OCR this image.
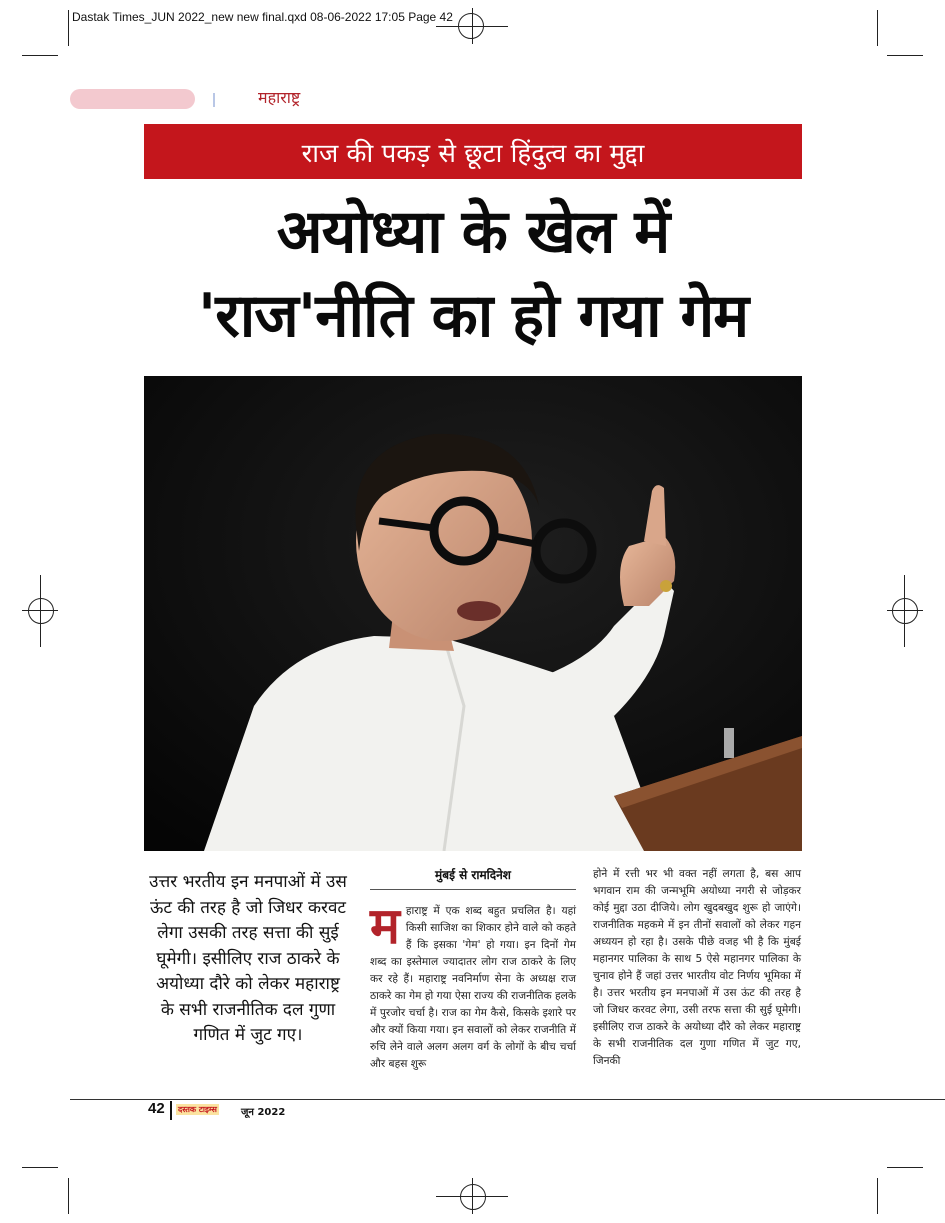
Dastak Times_JUN 2022_new new final.qxd 08-06-2022 17:05 Page 42
महाराष्ट्र
राज की पकड़ से छूटा हिंदुत्व का मुद्दा
अयोध्या के खेल में
'राज'नीति का हो गया गेम
उत्तर भरतीय इन मनपाओं में उस ऊंट की तरह है जो जिधर करवट लेगा उसकी तरह सत्ता की सुई घूमेगी। इसीलिए राज ठाकरे के अयोध्या दौरे को लेकर महाराष्ट्र के सभी राजनीतिक दल गुणा गणित में जुट गए।
मुंबई से रामदिनेश
म हाराष्ट्र में एक शब्द बहुत प्रचलित है। यहां किसी साजिश का शिकार होने वाले को कहते हैं कि इसका 'गेम' हो गया। इन दिनों गेम शब्द का इस्तेमाल ज्यादातर लोग राज ठाकरे के लिए कर रहे हैं। महाराष्ट्र नवनिर्माण सेना के अध्यक्ष राज ठाकरे का गेम हो गया ऐसा राज्य की राजनीतिक हलके में पुरजोर चर्चा है। राज का गेम कैसे, किसके इशारे पर और क्यों किया गया। इन सवालों को लेकर राजनीति में रुचि लेने वाले अलग अलग वर्ग के लोगों के बीच चर्चा और बहस शुरू
होने में रत्ती भर भी वक्त नहीं लगता है, बस आप भगवान राम की जन्मभूमि अयोध्या नगरी से जोड़कर कोई मुद्दा उठा दीजिये। लोग खुदबखुद शुरू हो जाएंगे। राजनीतिक महकमे में इन तीनों सवालों को लेकर गहन अध्ययन हो रहा है। उसके पीछे वजह भी है कि मुंबई महानगर पालिका के साथ 5 ऐसे महानगर पालिका के चुनाव होने हैं जहां उत्तर भारतीय वोट निर्णय भूमिका में है। उत्तर भरतीय इन मनपाओं में उस ऊंट की तरह है जो जिधर करवट लेगा, उसी तरफ सत्ता की सुई घूमेगी। इसीलिए राज ठाकरे के अयोध्या दौरे को लेकर महाराष्ट्र के सभी राजनीतिक दल गुणा गणित में जुट गए, जिनकी
42 दस्तक टाइम्स जून 2022
